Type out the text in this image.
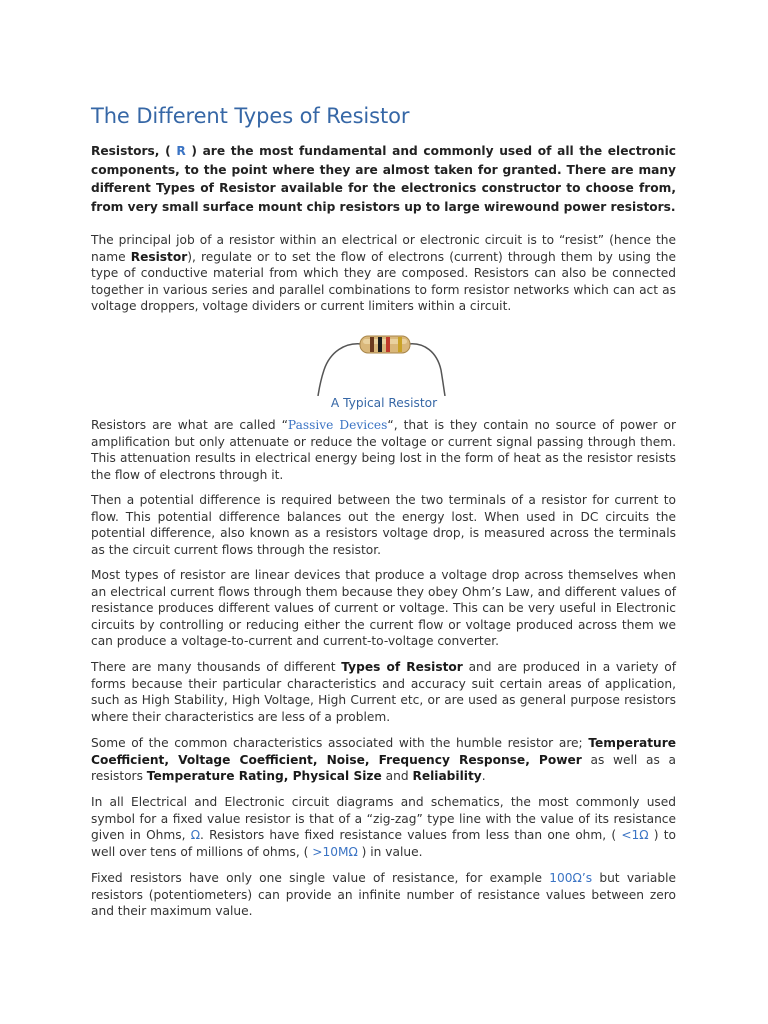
The Different Types of Resistor

Resistors, ( R ) are the most fundamental and commonly used of all the electronic components, to the point where they are almost taken for granted. There are many different Types of Resistor available for the electronics constructor to choose from, from very small surface mount chip resistors up to large wirewound power resistors.

The principal job of a resistor within an electrical or electronic circuit is to “resist” (hence the name Resistor), regulate or to set the flow of electrons (current) through them by using the type of conductive material from which they are composed. Resistors can also be connected together in various series and parallel combinations to form resistor networks which can act as voltage droppers, voltage dividers or current limiters within a circuit.

A Typical Resistor

Resistors are what are called “Passive Devices“, that is they contain no source of power or amplification but only attenuate or reduce the voltage or current signal passing through them. This attenuation results in electrical energy being lost in the form of heat as the resistor resists the flow of electrons through it.

Then a potential difference is required between the two terminals of a resistor for current to flow. This potential difference balances out the energy lost. When used in DC circuits the potential difference, also known as a resistors voltage drop, is measured across the terminals as the circuit current flows through the resistor.

Most types of resistor are linear devices that produce a voltage drop across themselves when an electrical current flows through them because they obey Ohm’s Law, and different values of resistance produces different values of current or voltage. This can be very useful in Electronic circuits by controlling or reducing either the current flow or voltage produced across them we can produce a voltage-to-current and current-to-voltage converter.

There are many thousands of different Types of Resistor and are produced in a variety of forms because their particular characteristics and accuracy suit certain areas of application, such as High Stability, High Voltage, High Current etc, or are used as general purpose resistors where their characteristics are less of a problem.

Some of the common characteristics associated with the humble resistor are; Temperature Coefficient, Voltage Coefficient, Noise, Frequency Response, Power as well as a resistors Temperature Rating, Physical Size and Reliability.

In all Electrical and Electronic circuit diagrams and schematics, the most commonly used symbol for a fixed value resistor is that of a “zig-zag” type line with the value of its resistance given in Ohms, Ω. Resistors have fixed resistance values from less than one ohm, ( <1Ω ) to well over tens of millions of ohms, ( >10MΩ ) in value.

Fixed resistors have only one single value of resistance, for example 100Ω’s but variable resistors (potentiometers) can provide an infinite number of resistance values between zero and their maximum value.
